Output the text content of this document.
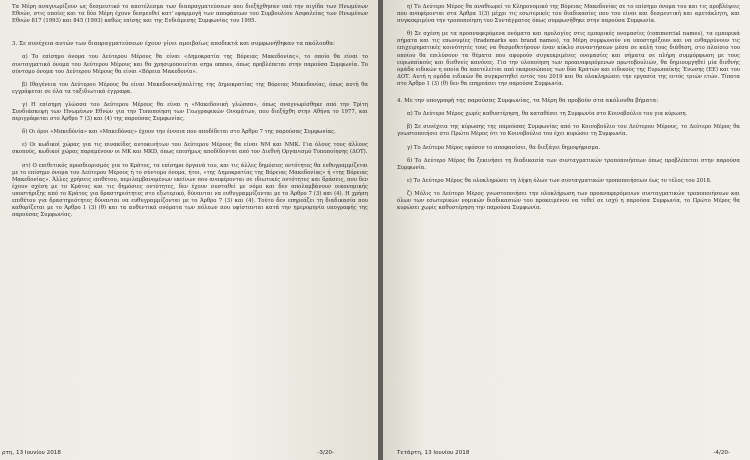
Τα Μέρη αναγνωρίζουν ως δεσμευτικό το αποτέλεσμα των διαπραγματεύσεων που διεξήχθησαν υπό την αιγίδα των Ηνωμένων Εθνών, στις οποίες και τα δύο Μέρη έχουν δεσμευθεί κατ' εφαρμογή των αποφάσεων του Συμβουλίου Ασφαλείας των Ηνωμένων Εθνών 817 (1993) και 845 (1993) καθώς επίσης και της Ενδιάμεσης Συμφωνίας του 1995.

3. Σε συνέχεια αυτών των διαπραγματεύσεων έχουν γίνει αμοιβαίως αποδεκτά και συμφωνήθηκαν τα ακόλουθα:

α) Το επίσημο όνομα του Δεύτερου Μέρους θα είναι «Δημοκρατία της Βόρειας Μακεδονίας», το οποίο θα είναι το συνταγματικό όνομα του Δεύτερου Μέρους και θα χρησιμοποιείται erga omnes, όπως προβλέπεται στην παρούσα Συμφωνία. Το σύντομο όνομα του Δεύτερου Μέρους θα είναι «Βόρεια Μακεδονία».

β) Ιθαγένεια του Δεύτερου Μέρους θα είναι Μακεδονική/πολίτης της Δημοκρατίας της Βόρειας Μακεδονίας, όπως αυτή θα εγγράφεται σε όλα τα ταξιδιωτικά έγγραφα.

γ) Η επίσημη γλώσσα του Δεύτερου Μέρους θα είναι η «Μακεδονική γλώσσα», όπως αναγνωρίσθηκε από την Τρίτη Συνδιάσκεψη των Ηνωμένων Εθνών για την Τυποποίηση των Γεωγραφικών Ονομάτων, που διεξήχθη στην Αθήνα το 1977, και περιγράφεται στο Άρθρο 7 (3) και (4) της παρούσας Συμφωνίας.

δ) Οι όροι «Μακεδόνία» και «Μακεδόνας» έχουν την έννοια που αποδίδεται στο Άρθρο 7 της παρούσας Συμφωνίας.

ε) Οι κωδικοί χώρας για τις πινακίδες αυτοκινήτων του Δεύτερου Μέρους θα είναι NM και NMK. Για όλους τους άλλους σκοπούς, κωδικοί χώρας παραμένουν οι MK και MKD, όπως επισήμως αποδίδονται από τον Διεθνή Οργανισμό Τυποποίησης (ΔΟΤ).

στ) Ο επιθετικός προσδιορισμός για το Κράτος, τα επίσημα όργανά του, και τις άλλες δημόσιες οντότητες θα ευθυγραμμίζεται με το επίσημο όνομα του Δεύτερου Μέρους ή το σύντομο όνομα, ήτοι, «της Δημοκρατίας της Βόρειας Μακεδονίας» ή «της Βόρειας Μακεδονίας». Άλλες χρήσεις επιθέτου, περιλαμβανομένων εκείνων που αναφέρονται σε ιδιωτικές οντότητες και δράσεις, που δεν έχουν σχέση με το Κράτος και τις δημόσιες οντότητες, δεν έχουν συσταθεί με νόμο και δεν απολαμβάνουν οικονομικής υποστήριξης από το Κράτος για δραστηριότητες στο εξωτερικό, δύνανται να ευθυγραμμίζονται με το Άρθρο 7 (3) και (4). Η χρήση επιθέτου για δραστηριότητες δύνανται να ευθυγραμμίζονται με το Άρθρο 7 (3) και (4). Τούτο δεν επηρεάζει τη διαδικασία που καθορίζεται με το Άρθρο 1 (3) (θ) και τα αυθεντικά ονόματα των πόλεων που υφίστανται κατά την ημερομηνία υπογραφής της παρούσας Συμφωνίας.

ρτη, 13 Ιουνίου 2018	-3/20-

η) Το Δεύτερο Μέρος θα αναθεωρεί το Κληρονομικό της Βόρειας Μακεδονίας σε το επίσημο όνομα του και τις προβλέψεις που αναφέρονται στα Άρθρα 1(3) μέχρι τις εσωτερικές του διαδικασίες που του είναι και δεσμευτική και αμετάκλητη, και συγκεκριμένα την τροποποίηση του Συντάγματος όπως συμφωνήθηκε στην παρούσα Συμφωνία.

θ) Σε σχέση με τα προαναφερόμενα ονόματα και προλογίες στις εμπορικές ονομασίες (commercial names), τα εμπορικά σήματα και τις επωνυμίες (trademarks και brand names), τα Μέρη συμφωνούν να υποστηρίξουν και να ενθαρρύνουν τις επιχειρηματικές κοινότητές τους να θεσμοθετήσουν έναν κύκλο συναντήσεων μέσα σε καλή τους διάθεση, στο πλαίσιο του οποίου θα επιλύσουν τα θέματα που αφορούν συγκεκριμένες ονομασίες και σήματα σε πλήρη συμμόρφωση με τους ευρωπαϊκούς και διεθνείς κανόνες. Για την υλοποίηση των προαναφερόμενων πρωτοβουλιών, θα δημιουργηθεί μία διεθνής ομάδα ειδικών η οποία θα αποτελείται από εκπροσώπους των δύο Κρατών και ειδικούς της Ευρωπαϊκής Ένωσης (ΕΕ) και του ΔΟΤ. Αυτή η ομάδα ειδικών θα συγκροτηθεί εντός του 2019 και θα ολοκληρώσει την εργασία της εντός τριών ετών. Τίποτα στο Άρθρο 1 (3) (θ) δεν θα επηρεάσει την παρούσα Συμφωνία.

4. Με την υπογραφή της παρούσας Συμφωνίας, τα Μέρη θα προβούν στα ακόλουθα βήματα:

α) Το Δεύτερο Μέρος χωρίς καθυστέρηση, θα καταθέσει τη Συμφωνία στο Κοινοβούλιο του για κύρωση.

β) Σε συνέχεια της κύρωσης της παρούσας Συμφωνίας από το Κοινοβούλιο του Δεύτερου Μέρους, το Δεύτερο Μέρος θα γνωστοποιήσει στο Πρώτο Μέρος ότι το Κοινοβούλιο του έχει κυρώσει τη Συμφωνία.

γ) Το Δεύτερο Μέρος εφόσον το αποφασίσει, θα διεξάγει δημοψήφισμα.

δ) Το Δεύτερο Μέρος θα ξεκινήσει τη διαδικασία των συνταγματικών τροποποιήσεων όπως προβλέπεται στην παρούσα Συμφωνία.

ε) Το Δεύτερο Μέρος θα ολοκληρώσει τη λήψη όλων των συνταγματικών τροποποιήσεων έως το τέλος του 2018.

ζ) Μόλις το Δεύτερο Μέρος γνωστοποιήσει την ολοκλήρωση των προαναφερόμενων συνταγματικών τροποποιήσεων και όλων των εσωτερικών νομικών διαδικασιών του προκειμένου να τεθεί σε ισχύ η παρούσα Συμφωνία, το Πρώτο Μέρος θα κυρώσει χωρίς καθυστέρηση την παρούσα Συμφωνία.

Τετάρτη, 13 Ιουνίου 2018	-4/20-
